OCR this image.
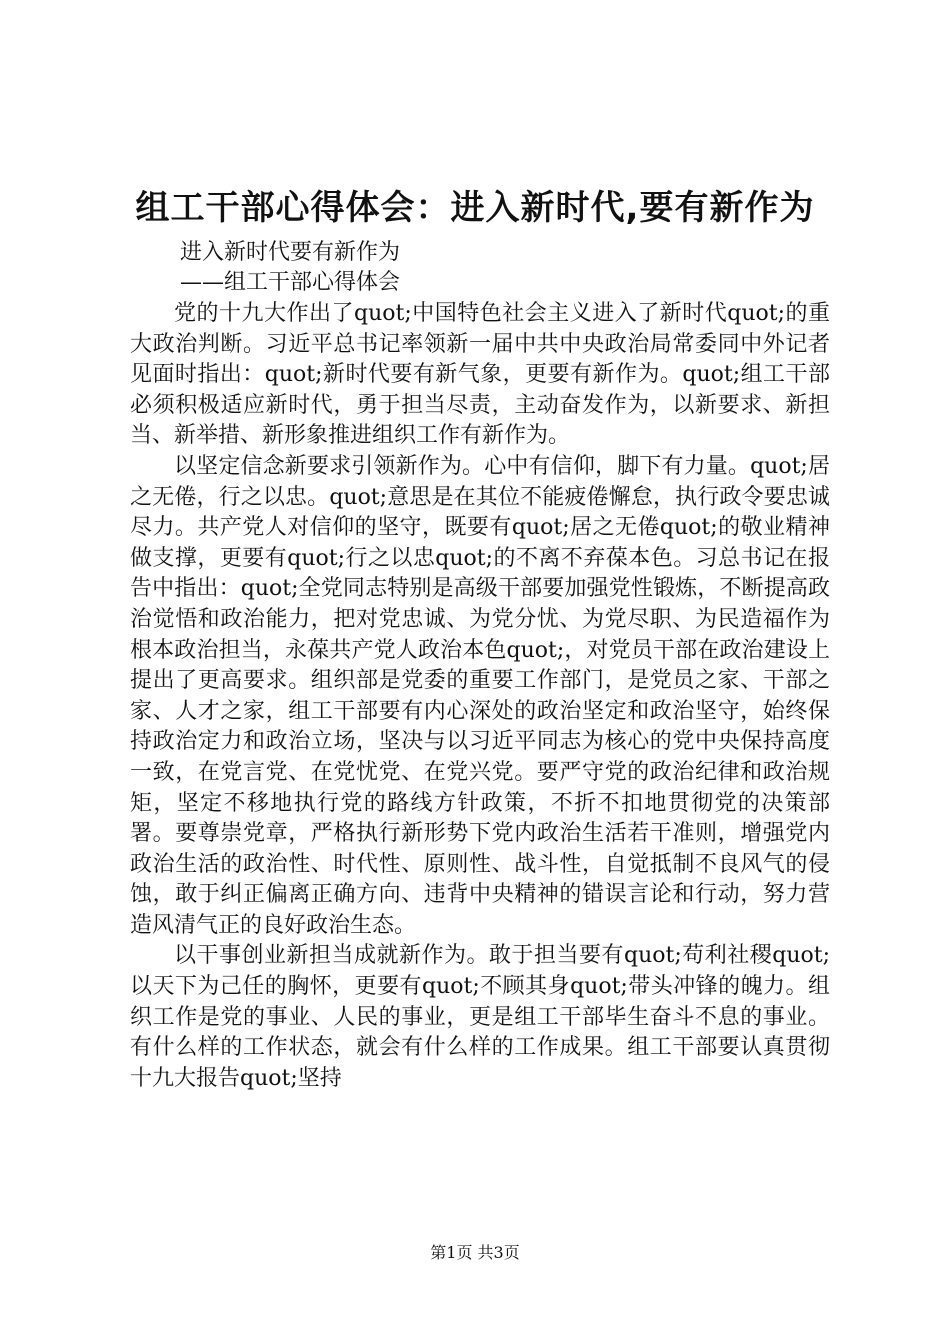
组工干部心得体会：进入新时代,要有新作为

进入新时代要有新作为

——组工干部心得体会

党的十九大作出了quot;中国特色社会主义进入了新时代quot;的重大政治判断。习近平总书记率领新一届中共中央政治局常委同中外记者见面时指出：quot;新时代要有新气象，更要有新作为。quot;组工干部必须积极适应新时代，勇于担当尽责，主动奋发作为，以新要求、新担当、新举措、新形象推进组织工作有新作为。

以坚定信念新要求引领新作为。心中有信仰，脚下有力量。quot;居之无倦，行之以忠。quot;意思是在其位不能疲倦懈怠，执行政令要忠诚尽力。共产党人对信仰的坚守，既要有quot;居之无倦quot;的敬业精神做支撑，更要有quot;行之以忠quot;的不离不弃葆本色。习总书记在报告中指出：quot;全党同志特别是高级干部要加强党性锻炼，不断提高政治觉悟和政治能力，把对党忠诚、为党分忧、为党尽职、为民造福作为根本政治担当，永葆共产党人政治本色quot;，对党员干部在政治建设上提出了更高要求。组织部是党委的重要工作部门，是党员之家、干部之家、人才之家，组工干部要有内心深处的政治坚定和政治坚守，始终保持政治定力和政治立场，坚决与以习近平同志为核心的党中央保持高度一致，在党言党、在党忧党、在党兴党。要严守党的政治纪律和政治规矩，坚定不移地执行党的路线方针政策，不折不扣地贯彻党的决策部署。要尊崇党章，严格执行新形势下党内政治生活若干准则，增强党内政治生活的政治性、时代性、原则性、战斗性，自觉抵制不良风气的侵蚀，敢于纠正偏离正确方向、违背中央精神的错误言论和行动，努力营造风清气正的良好政治生态。

以干事创业新担当成就新作为。敢于担当要有quot;苟利社稷quot;以天下为己任的胸怀，更要有quot;不顾其身quot;带头冲锋的魄力。组织工作是党的事业、人民的事业，更是组工干部毕生奋斗不息的事业。有什么样的工作状态，就会有什么样的工作成果。组工干部要认真贯彻十九大报告quot;坚持

第1页 共3页
